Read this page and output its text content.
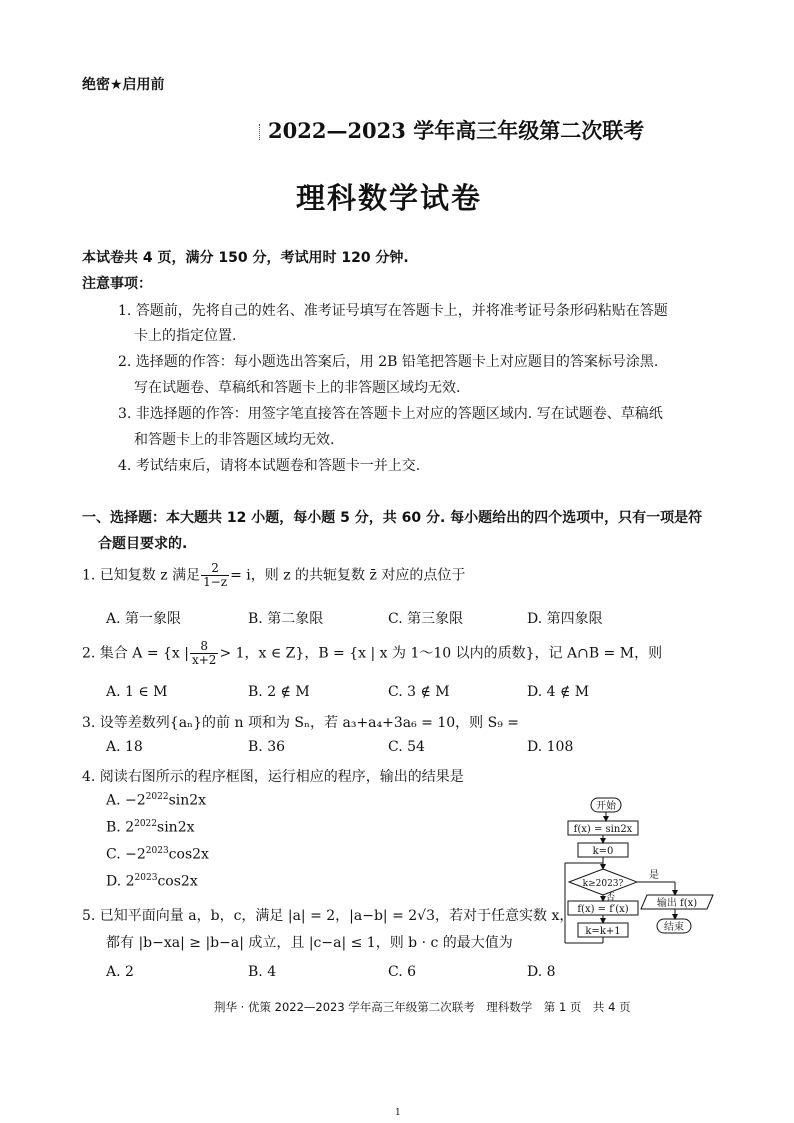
绝密★启用前
2022—2023 学年高三年级第二次联考
理科数学试卷
本试卷共 4 页，满分 150 分，考试用时 120 分钟.
注意事项：
1. 答题前，先将自己的姓名、准考证号填写在答题卡上，并将准考证号条形码粘贴在答题
卡上的指定位置.
2. 选择题的作答：每小题选出答案后，用 2B 铅笔把答题卡上对应题目的答案标号涂黑.
写在试题卷、草稿纸和答题卡上的非答题区域均无效.
3. 非选择题的作答：用签字笔直接答在答题卡上对应的答题区域内. 写在试题卷、草稿纸
和答题卡上的非答题区域均无效.
4. 考试结束后，请将本试题卷和答题卡一并上交.
一、选择题：本大题共 12 小题，每小题 5 分，共 60 分. 每小题给出的四个选项中，只有一项是符
合题目要求的.
1. 已知复数 z 满足 $\frac{2}{1-z} = i$，则 z 的共轭复数 z̄ 对应的点位于
A. 第一象限	B. 第二象限	C. 第三象限	D. 第四象限
2. 集合 A = {x | $\frac{8}{x+2} > 1$，x ∈ Z}，B = {x | x 为 1～10 以内的质数}，记 A∩B = M，则
A. 1 ∈ M	B. 2 ∉ M	C. 3 ∉ M	D. 4 ∉ M
3. 设等差数列{aₙ}的前 n 项和为 Sₙ，若 a₃+a₄+3a₆ = 10，则 S₉ =
A. 18	B. 36	C. 54	D. 108
4. 阅读右图所示的程序框图，运行相应的程序，输出的结果是
A. $-2^{2022}\sin 2x$
B. $2^{2022}\sin 2x$
C. $-2^{2023}\cos 2x$
D. $2^{2023}\cos 2x$
5. 已知平面向量 a，b，c，满足 |a| = 2，|a−b| = 2√3，若对于任意实数 x，
都有 |b−xa| ≥ |b−a| 成立，且 |c−a| ≤ 1，则 b · c 的最大值为
A. 2	B. 4	C. 6	D. 8
开始
f(x) = sin2x
k=0
k≥2023?
是
否	输出 f(x)
f(x) = f′(x)
k=k+1	结束
荆华 · 优策 2022—2023 学年高三年级第二次联考　理科数学　第 1 页　共 4 页
1
